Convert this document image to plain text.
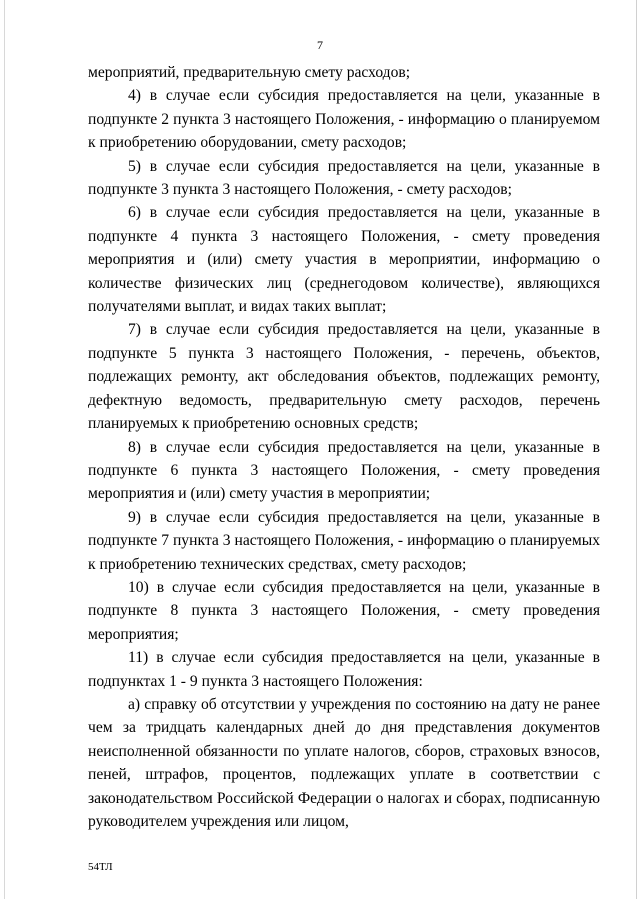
7

мероприятий, предварительную смету расходов;

4) в случае если субсидия предоставляется на цели, указанные в подпункте 2 пункта 3 настоящего Положения, - информацию о планируемом к приобретению оборудовании, смету расходов;

5) в случае если субсидия предоставляется на цели, указанные в подпункте 3 пункта 3 настоящего Положения, - смету расходов;

6) в случае если субсидия предоставляется на цели, указанные в подпункте 4 пункта 3 настоящего Положения, - смету проведения мероприятия и (или) смету участия в мероприятии, информацию о количестве физических лиц (среднегодовом количестве), являющихся получателями выплат, и видах таких выплат;

7) в случае если субсидия предоставляется на цели, указанные в подпункте 5 пункта 3 настоящего Положения, - перечень, объектов, подлежащих ремонту, акт обследования объектов, подлежащих ремонту, дефектную ведомость, предварительную смету расходов, перечень планируемых к приобретению основных средств;

8) в случае если субсидия предоставляется на цели, указанные в подпункте 6 пункта 3 настоящего Положения, - смету проведения мероприятия и (или) смету участия в мероприятии;

9) в случае если субсидия предоставляется на цели, указанные в подпункте 7 пункта 3 настоящего Положения, - информацию о планируемых к приобретению технических средствах, смету расходов;

10) в случае если субсидия предоставляется на цели, указанные в подпункте 8 пункта 3 настоящего Положения, - смету проведения мероприятия;

11) в случае если субсидия предоставляется на цели, указанные в подпунктах 1 - 9 пункта 3 настоящего Положения:

а) справку об отсутствии у учреждения по состоянию на дату не ранее чем за тридцать календарных дней до дня представления документов неисполненной обязанности по уплате налогов, сборов, страховых взносов, пеней, штрафов, процентов, подлежащих уплате в соответствии с законодательством Российской Федерации о налогах и сборах, подписанную руководителем учреждения или лицом,

54ТЛ
